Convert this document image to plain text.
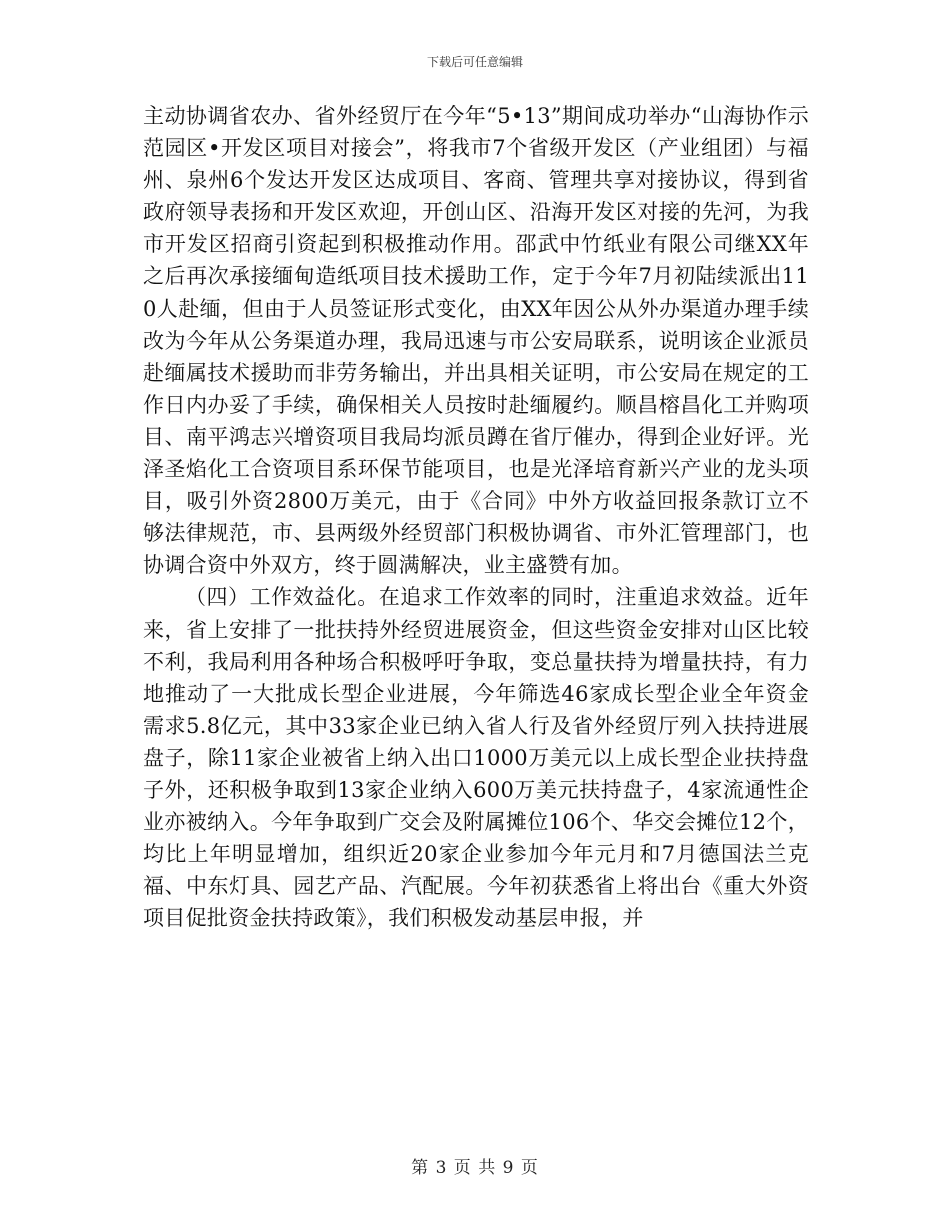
下载后可任意编辑

主动协调省农办、省外经贸厅在今年“5•13”期间成功举办“山海协作示范园区•开发区项目对接会”，将我市7个省级开发区（产业组团）与福州、泉州6个发达开发区达成项目、客商、管理共享对接协议，得到省政府领导表扬和开发区欢迎，开创山区、沿海开发区对接的先河，为我市开发区招商引资起到积极推动作用。邵武中竹纸业有限公司继XX年之后再次承接缅甸造纸项目技术援助工作，定于今年7月初陆续派出110人赴缅，但由于人员签证形式变化，由XX年因公从外办渠道办理手续改为今年从公务渠道办理，我局迅速与市公安局联系，说明该企业派员赴缅属技术援助而非劳务输出，并出具相关证明，市公安局在规定的工作日内办妥了手续，确保相关人员按时赴缅履约。顺昌榕昌化工并购项目、南平鸿志兴增资项目我局均派员蹲在省厅催办，得到企业好评。光泽圣焰化工合资项目系环保节能项目，也是光泽培育新兴产业的龙头项目，吸引外资2800万美元，由于《合同》中外方收益回报条款订立不够法律规范，市、县两级外经贸部门积极协调省、市外汇管理部门，也协调合资中外双方，终于圆满解决，业主盛赞有加。

（四）工作效益化。在追求工作效率的同时，注重追求效益。近年来，省上安排了一批扶持外经贸进展资金，但这些资金安排对山区比较不利，我局利用各种场合积极呼吁争取，变总量扶持为增量扶持，有力地推动了一大批成长型企业进展，今年筛选46家成长型企业全年资金需求5.8亿元，其中33家企业已纳入省人行及省外经贸厅列入扶持进展盘子，除11家企业被省上纳入出口1000万美元以上成长型企业扶持盘子外，还积极争取到13家企业纳入600万美元扶持盘子，4家流通性企业亦被纳入。今年争取到广交会及附属摊位106个、华交会摊位12个，均比上年明显增加，组织近20家企业参加今年元月和7月德国法兰克福、中东灯具、园艺产品、汽配展。今年初获悉省上将出台《重大外资项目促批资金扶持政策》，我们积极发动基层申报，并

第 3 页 共 9 页
